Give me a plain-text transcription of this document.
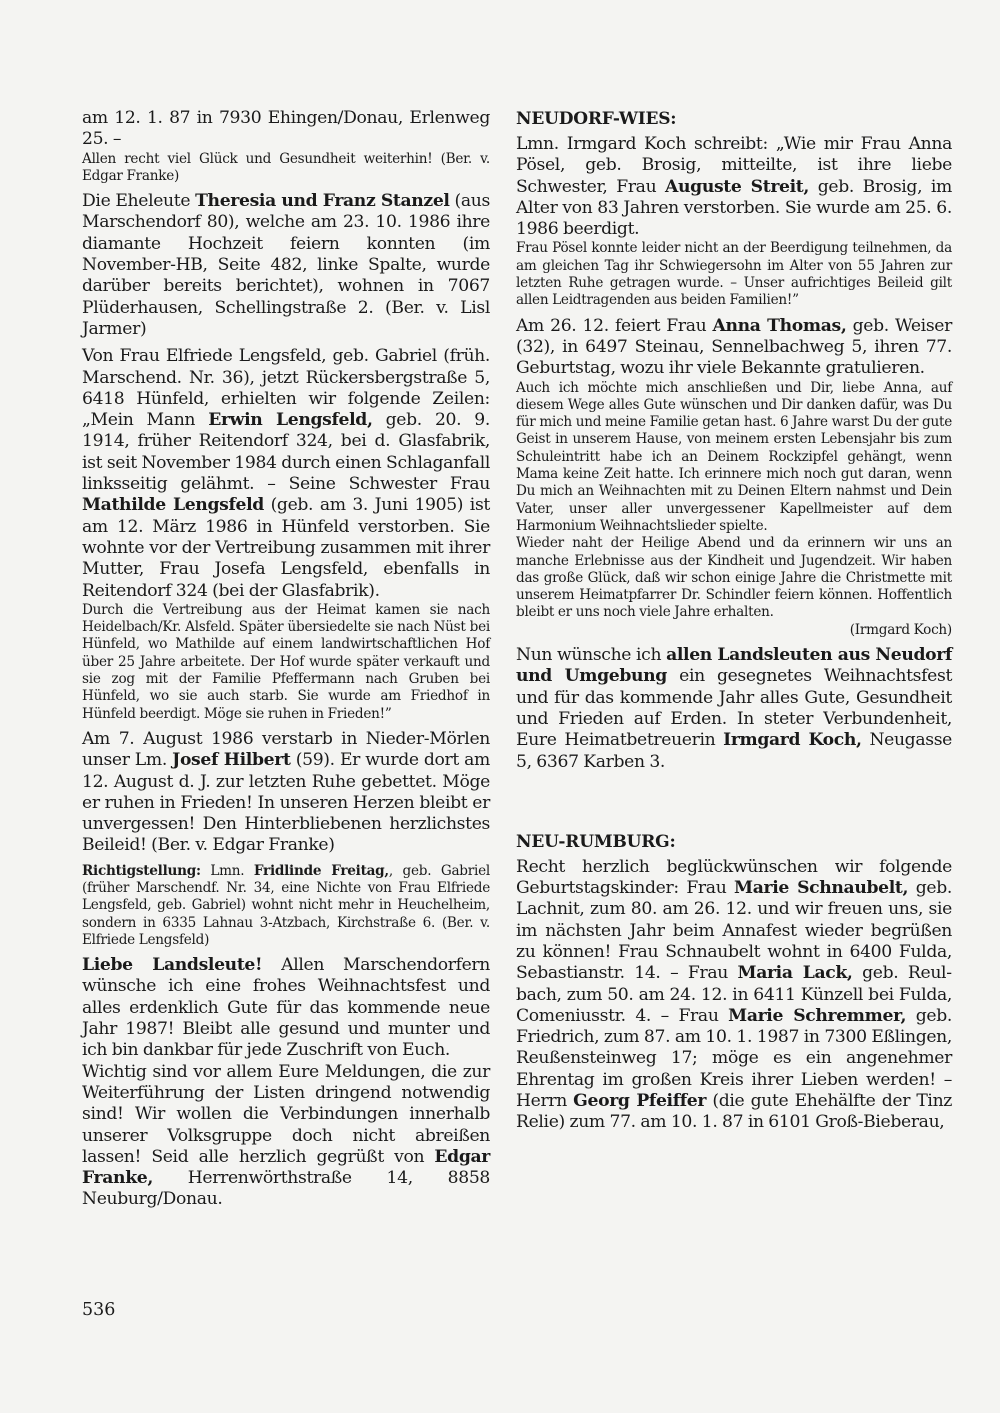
am 12. 1. 87 in 7930 Ehingen/Donau, Erlenweg 25. –

Allen recht viel Glück und Gesundheit weiterhin! (Ber. v. Edgar Franke)

Die Eheleute Theresia und Franz Stanzel (aus Marschendorf 80), welche am 23. 10. 1986 ihre diamante Hochzeit feiern konnten (im November-HB, Seite 482, linke Spalte, wurde darüber bereits berichtet), wohnen in 7067 Plüderhausen, Schellingstraße 2. (Ber. v. Lisl Jarmer)

Von Frau Elfriede Lengsfeld, geb. Gabriel (früh. Marschend. Nr. 36), jetzt Rückersbergstraße 5, 6418 Hünfeld, erhielten wir folgende Zeilen: „Mein Mann Erwin Lengsfeld, geb. 20. 9. 1914, früher Reitendorf 324, bei d. Glasfabrik, ist seit November 1984 durch einen Schlaganfall linksseitig gelähmt. – Seine Schwester Frau Mathilde Lengsfeld (geb. am 3. Juni 1905) ist am 12. März 1986 in Hünfeld verstorben. Sie wohnte vor der Vertreibung zusammen mit ihrer Mutter, Frau Josefa Lengsfeld, ebenfalls in Reitendorf 324 (bei der Glasfabrik).

Durch die Vertreibung aus der Heimat kamen sie nach Heidelbach/Kr. Alsfeld. Später übersiedelte sie nach Nüst bei Hünfeld, wo Mathilde auf einem landwirtschaftlichen Hof über 25 Jahre arbeitete. Der Hof wurde später verkauft und sie zog mit der Familie Pfeffermann nach Gruben bei Hünfeld, wo sie auch starb. Sie wurde am Friedhof in Hünfeld beerdigt. Möge sie ruhen in Frieden!”

Am 7. August 1986 verstarb in Nieder-Mörlen unser Lm. Josef Hilbert (59). Er wurde dort am 12. August d. J. zur letzten Ruhe gebettet. Möge er ruhen in Frieden! In unseren Herzen bleibt er unvergessen! Den Hinterbliebenen herzlichstes Beileid! (Ber. v. Edgar Franke)

Richtigstellung: Lmn. Fridlinde Freitag,, geb. Gabriel (früher Marschendf. Nr. 34, eine Nichte von Frau Elfriede Lengsfeld, geb. Gabriel) wohnt nicht mehr in Heuchelheim, sondern in 6335 Lahnau 3-Atzbach, Kirchstraße 6. (Ber. v. Elfriede Lengsfeld)

Liebe Landsleute! Allen Marschendorfern wünsche ich eine frohes Weihnachtsfest und alles erdenklich Gute für das kommende neue Jahr 1987! Bleibt alle gesund und munter und ich bin dankbar für jede Zuschrift von Euch.

Wichtig sind vor allem Eure Meldungen, die zur Weiterführung der Listen dringend notwendig sind! Wir wollen die Verbindungen innerhalb unserer Volksgruppe doch nicht abreißen lassen! Seid alle herzlich gegrüßt von Edgar Franke, Herrenwörthstraße 14, 8858 Neuburg/Donau.

NEUDORF-WIES:

Lmn. Irmgard Koch schreibt: „Wie mir Frau Anna Pösel, geb. Brosig, mitteilte, ist ihre liebe Schwester, Frau Auguste Streit, geb. Brosig, im Alter von 83 Jahren verstorben. Sie wurde am 25. 6. 1986 beerdigt.

Frau Pösel konnte leider nicht an der Beerdigung teilnehmen, da am gleichen Tag ihr Schwiegersohn im Alter von 55 Jahren zur letzten Ruhe getragen wurde. – Unser aufrichtiges Beileid gilt allen Leidtragenden aus beiden Familien!”

Am 26. 12. feiert Frau Anna Thomas, geb. Weiser (32), in 6497 Steinau, Sennelbachweg 5, ihren 77. Geburtstag, wozu ihr viele Bekannte gratulieren.

Auch ich möchte mich anschließen und Dir, liebe Anna, auf diesem Wege alles Gute wünschen und Dir danken dafür, was Du für mich und meine Familie getan hast. 6 Jahre warst Du der gute Geist in unserem Hause, von meinem ersten Lebensjahr bis zum Schuleintritt habe ich an Deinem Rockzipfel gehängt, wenn Mama keine Zeit hatte. Ich erinnere mich noch gut daran, wenn Du mich an Weihnachten mit zu Deinen Eltern nahmst und Dein Vater, unser aller unvergessener Kapellmeister auf dem Harmonium Weihnachtslieder spielte.

Wieder naht der Heilige Abend und da erinnern wir uns an manche Erlebnisse aus der Kindheit und Jugendzeit. Wir haben das große Glück, daß wir schon einige Jahre die Christmette mit unserem Heimatpfarrer Dr. Schindler feiern können. Hoffentlich bleibt er uns noch viele Jahre erhalten.

(Irmgard Koch)

Nun wünsche ich allen Landsleuten aus Neudorf und Umgebung ein gesegnetes Weihnachtsfest und für das kommende Jahr alles Gute, Gesundheit und Frieden auf Erden. In steter Verbundenheit, Eure Heimatbetreuerin Irmgard Koch, Neugasse 5, 6367 Karben 3.

NEU-RUMBURG:

Recht herzlich beglückwünschen wir folgende Geburtstagskinder: Frau Marie Schnaubelt, geb. Lachnit, zum 80. am 26. 12. und wir freuen uns, sie im nächsten Jahr beim Annafest wieder begrüßen zu können! Frau Schnaubelt wohnt in 6400 Fulda, Sebastianstr. 14. – Frau Maria Lack, geb. Reulbach, zum 50. am 24. 12. in 6411 Künzell bei Fulda, Comeniusstr. 4. – Frau Marie Schremmer, geb. Friedrich, zum 87. am 10. 1. 1987 in 7300 Eßlingen, Reußensteinweg 17; möge es ein angenehmer Ehrentag im großen Kreis ihrer Lieben werden! – Herrn Georg Pfeiffer (die gute Ehehälfte der Tinz Relie) zum 77. am 10. 1. 87 in 6101 Groß-Bieberau,

536
